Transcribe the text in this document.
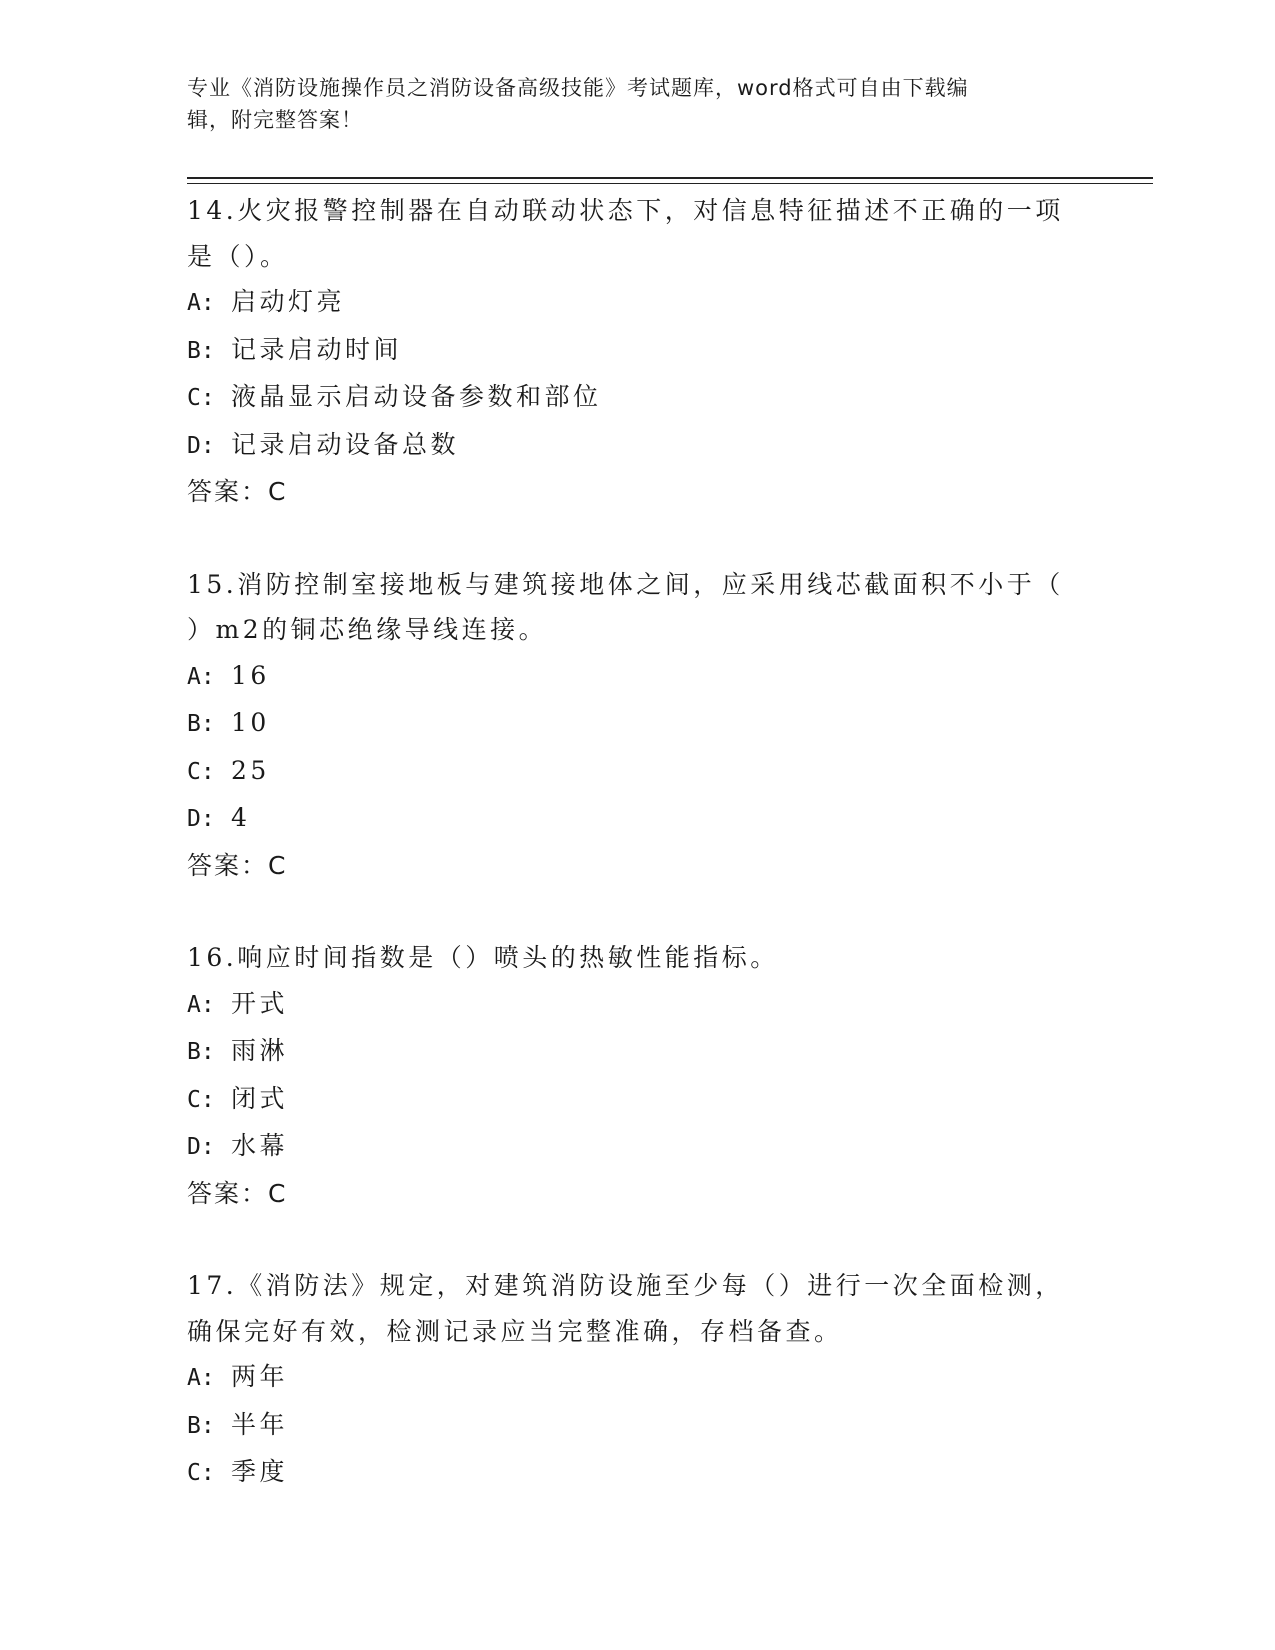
专业《消防设施操作员之消防设备高级技能》考试题库，word格式可自由下载编
辑，附完整答案！

14.火灾报警控制器在自动联动状态下，对信息特征描述不正确的一项
是（）。

A: 启动灯亮

B: 记录启动时间

C: 液晶显示启动设备参数和部位

D: 记录启动设备总数

答案：C

15.消防控制室接地板与建筑接地体之间，应采用线芯截面积不小于（
）m2的铜芯绝缘导线连接。

A: 16

B: 10

C: 25

D: 4

答案：C

16.响应时间指数是（）喷头的热敏性能指标。

A: 开式

B: 雨淋

C: 闭式

D: 水幕

答案：C

17.《消防法》规定，对建筑消防设施至少每（）进行一次全面检测，
确保完好有效，检测记录应当完整准确，存档备查。

A: 两年

B: 半年

C: 季度
